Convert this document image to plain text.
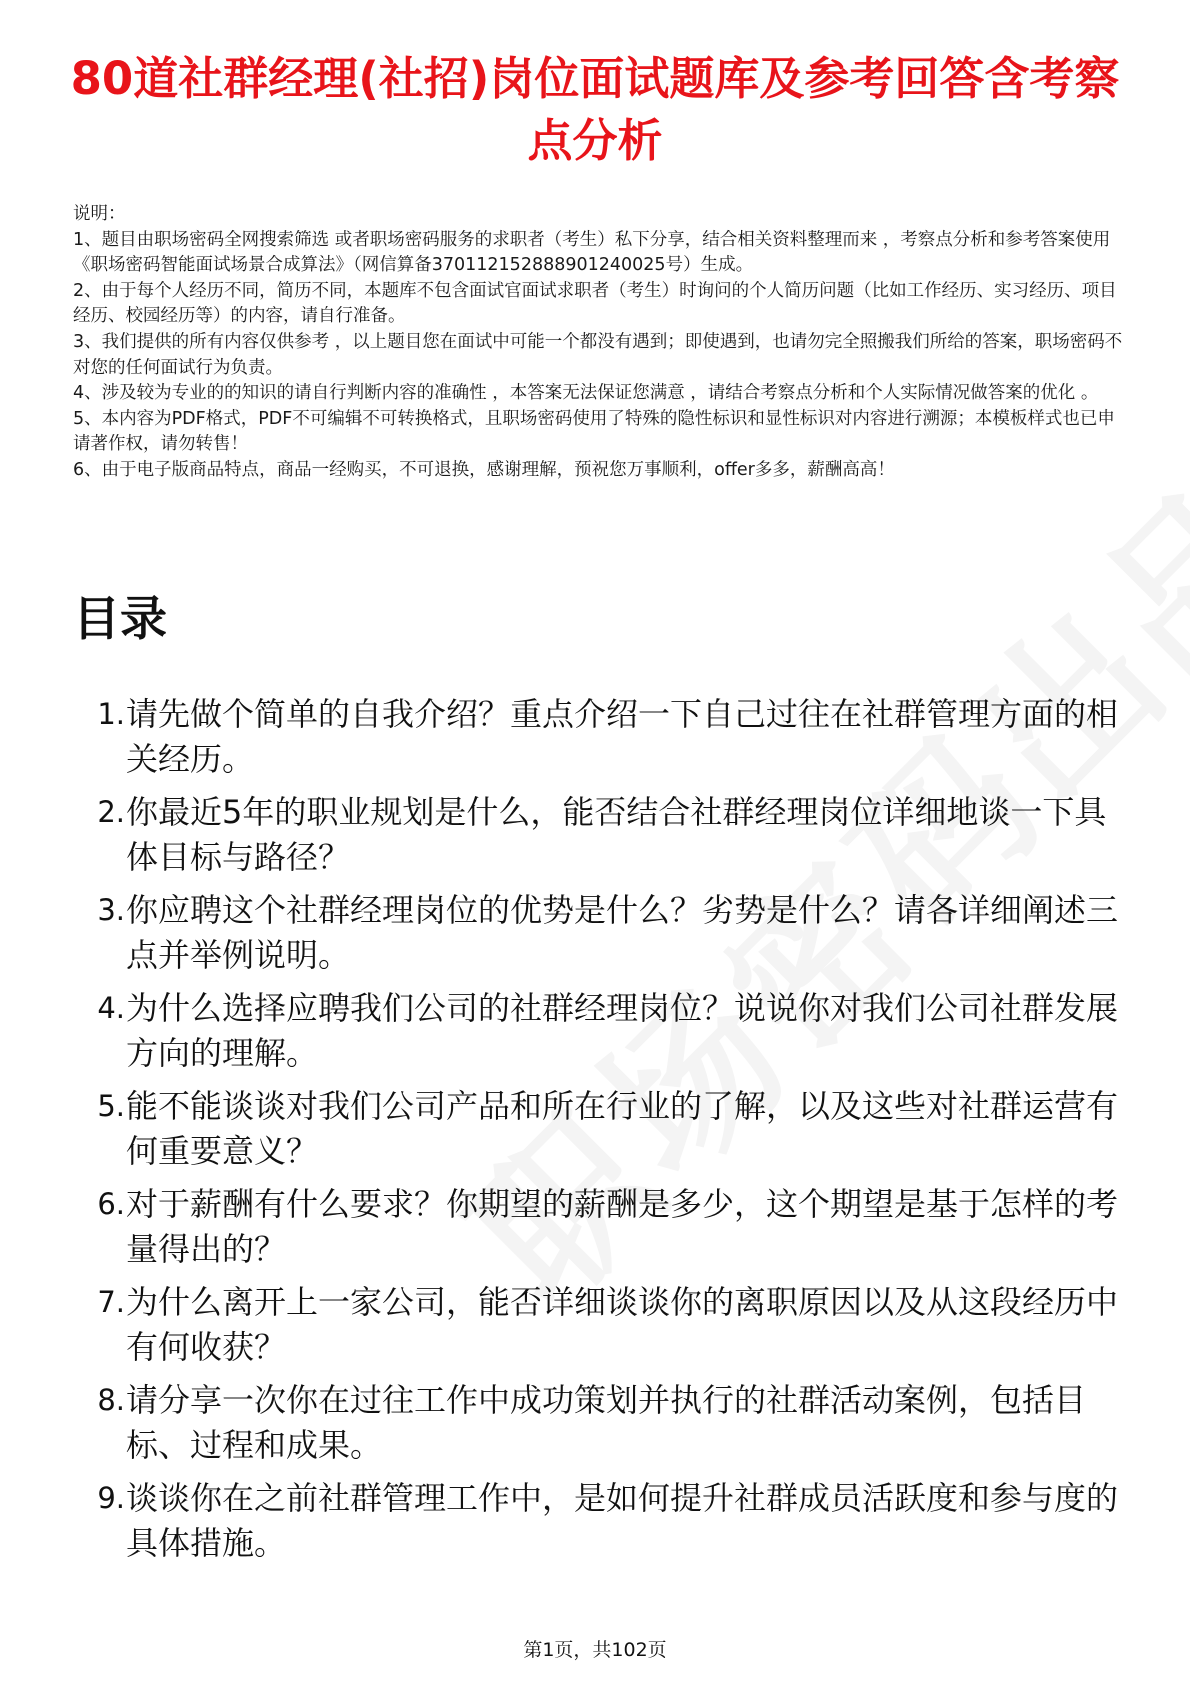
80道社群经理(社招)岗位面试题库及参考回答含考察点分析

说明：

1、题目由职场密码全网搜索筛选 或者职场密码服务的求职者（考生）私下分享，结合相关资料整理而来 ，考察点分析和参考答案使用《职场密码智能面试场景合成算法》（网信算备370112152888901240025号）生成。

2、由于每个人经历不同，简历不同，本题库不包含面试官面试求职者（考生）时询问的个人简历问题（比如工作经历、实习经历、项目经历、校园经历等）的内容，请自行准备。

3、我们提供的所有内容仅供参考 ，以上题目您在面试中可能一个都没有遇到；即使遇到，也请勿完全照搬我们所给的答案，职场密码不对您的任何面试行为负责。

4、涉及较为专业的的知识的请自行判断内容的准确性 ，本答案无法保证您满意 ，请结合考察点分析和个人实际情况做答案的优化 。

5、本内容为PDF格式，PDF不可编辑不可转换格式，且职场密码使用了特殊的隐性标识和显性标识对内容进行溯源；本模板样式也已申请著作权，请勿转售！

6、由于电子版商品特点，商品一经购买，不可退换，感谢理解，预祝您万事顺利，offer多多，薪酬高高！

目录
1. 请先做个简单的自我介绍？重点介绍一下自己过往在社群管理方面的相关经历。
2. 你最近5年的职业规划是什么，能否结合社群经理岗位详细地谈一下具体目标与路径？
3. 你应聘这个社群经理岗位的优势是什么？劣势是什么？请各详细阐述三点并举例说明。
4. 为什么选择应聘我们公司的社群经理岗位？说说你对我们公司社群发展方向的理解。
5. 能不能谈谈对我们公司产品和所在行业的了解，以及这些对社群运营有何重要意义？
6. 对于薪酬有什么要求？你期望的薪酬是多少，这个期望是基于怎样的考量得出的？
7. 为什么离开上一家公司，能否详细谈谈你的离职原因以及从这段经历中有何收获？
8. 请分享一次你在过往工作中成功策划并执行的社群活动案例，包括目标、过程和成果。
9. 谈谈你在之前社群管理工作中，是如何提升社群成员活跃度和参与度的具体措施。
第1页，共102页
